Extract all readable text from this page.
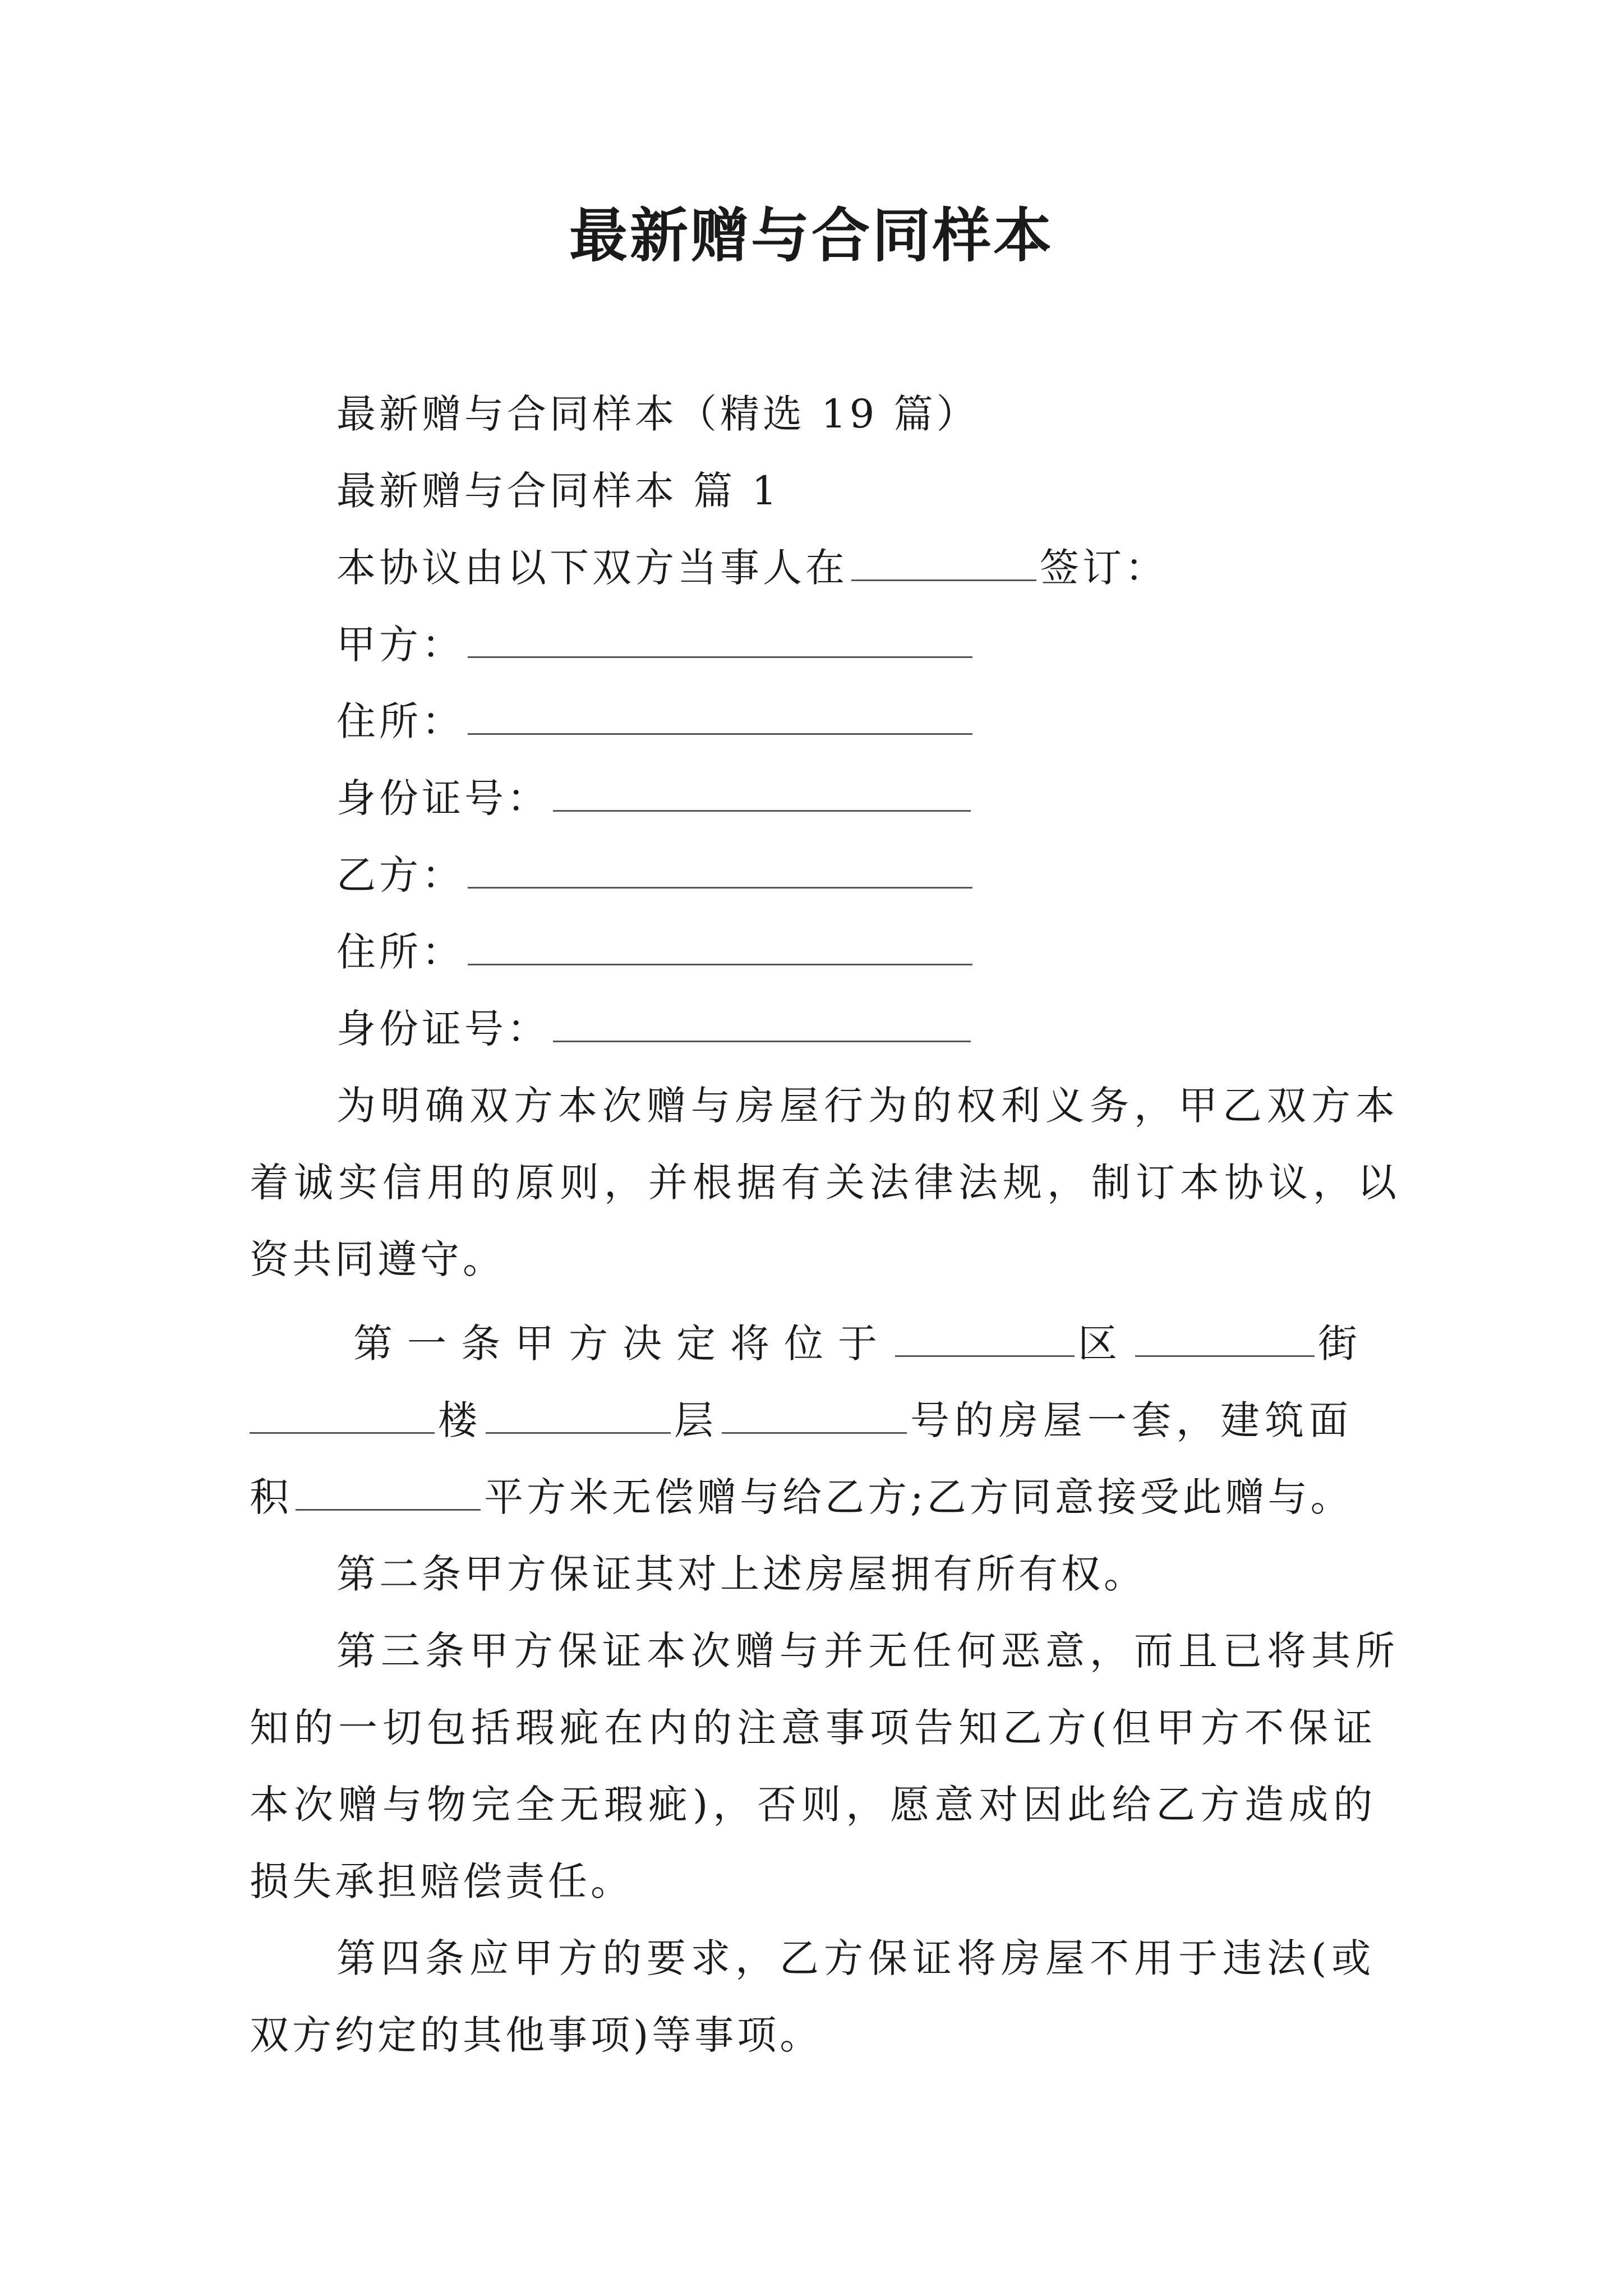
最新赠与合同样本
最新赠与合同样本（精选 19 篇）
最新赠与合同样本 篇 1
本协议由以下双方当事人在	签订：
甲方：
住所：
身份证号：
乙方：
住所：
身份证号：
为明确双方本次赠与房屋行为的权利义务，甲乙双方本
着诚实信用的原则，并根据有关法律法规，制订本协议，以
资共同遵守。
第一条甲方决定将位于	区	街
楼	层	号的房屋一套，建筑面
积	平方米无偿赠与给乙方;乙方同意接受此赠与。
第二条甲方保证其对上述房屋拥有所有权。
第三条甲方保证本次赠与并无任何恶意，而且已将其所
知的一切包括瑕疵在内的注意事项告知乙方(但甲方不保证
本次赠与物完全无瑕疵)，否则，愿意对因此给乙方造成的
损失承担赔偿责任。
第四条应甲方的要求，乙方保证将房屋不用于违法(或
双方约定的其他事项)等事项。
